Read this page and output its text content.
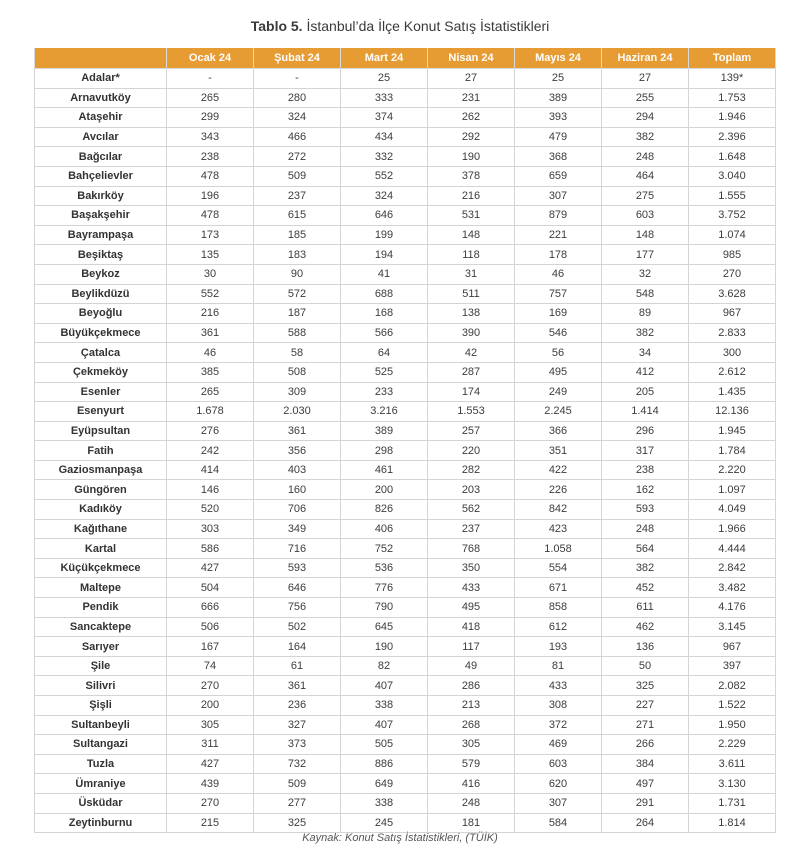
Tablo 5. İstanbul’da İlçe Konut Satış İstatistikleri
	Ocak 24	Şubat 24	Mart 24	Nisan 24	Mayıs 24	Haziran 24	Toplam
Adalar*	-	-	25	27	25	27	139*
Arnavutköy	265	280	333	231	389	255	1.753
Ataşehir	299	324	374	262	393	294	1.946
Avcılar	343	466	434	292	479	382	2.396
Bağcılar	238	272	332	190	368	248	1.648
Bahçelievler	478	509	552	378	659	464	3.040
Bakırköy	196	237	324	216	307	275	1.555
Başakşehir	478	615	646	531	879	603	3.752
Bayrampaşa	173	185	199	148	221	148	1.074
Beşiktaş	135	183	194	118	178	177	985
Beykoz	30	90	41	31	46	32	270
Beylikdüzü	552	572	688	511	757	548	3.628
Beyoğlu	216	187	168	138	169	89	967
Büyükçekmece	361	588	566	390	546	382	2.833
Çatalca	46	58	64	42	56	34	300
Çekmeköy	385	508	525	287	495	412	2.612
Esenler	265	309	233	174	249	205	1.435
Esenyurt	1.678	2.030	3.216	1.553	2.245	1.414	12.136
Eyüpsultan	276	361	389	257	366	296	1.945
Fatih	242	356	298	220	351	317	1.784
Gaziosmanpaşa	414	403	461	282	422	238	2.220
Güngören	146	160	200	203	226	162	1.097
Kadıköy	520	706	826	562	842	593	4.049
Kağıthane	303	349	406	237	423	248	1.966
Kartal	586	716	752	768	1.058	564	4.444
Küçükçekmece	427	593	536	350	554	382	2.842
Maltepe	504	646	776	433	671	452	3.482
Pendik	666	756	790	495	858	611	4.176
Sancaktepe	506	502	645	418	612	462	3.145
Sarıyer	167	164	190	117	193	136	967
Şile	74	61	82	49	81	50	397
Silivri	270	361	407	286	433	325	2.082
Şişli	200	236	338	213	308	227	1.522
Sultanbeyli	305	327	407	268	372	271	1.950
Sultangazi	311	373	505	305	469	266	2.229
Tuzla	427	732	886	579	603	384	3.611
Ümraniye	439	509	649	416	620	497	3.130
Üsküdar	270	277	338	248	307	291	1.731
Zeytinburnu	215	325	245	181	584	264	1.814
Kaynak: Konut Satış İstatistikleri, (TÜİK)
